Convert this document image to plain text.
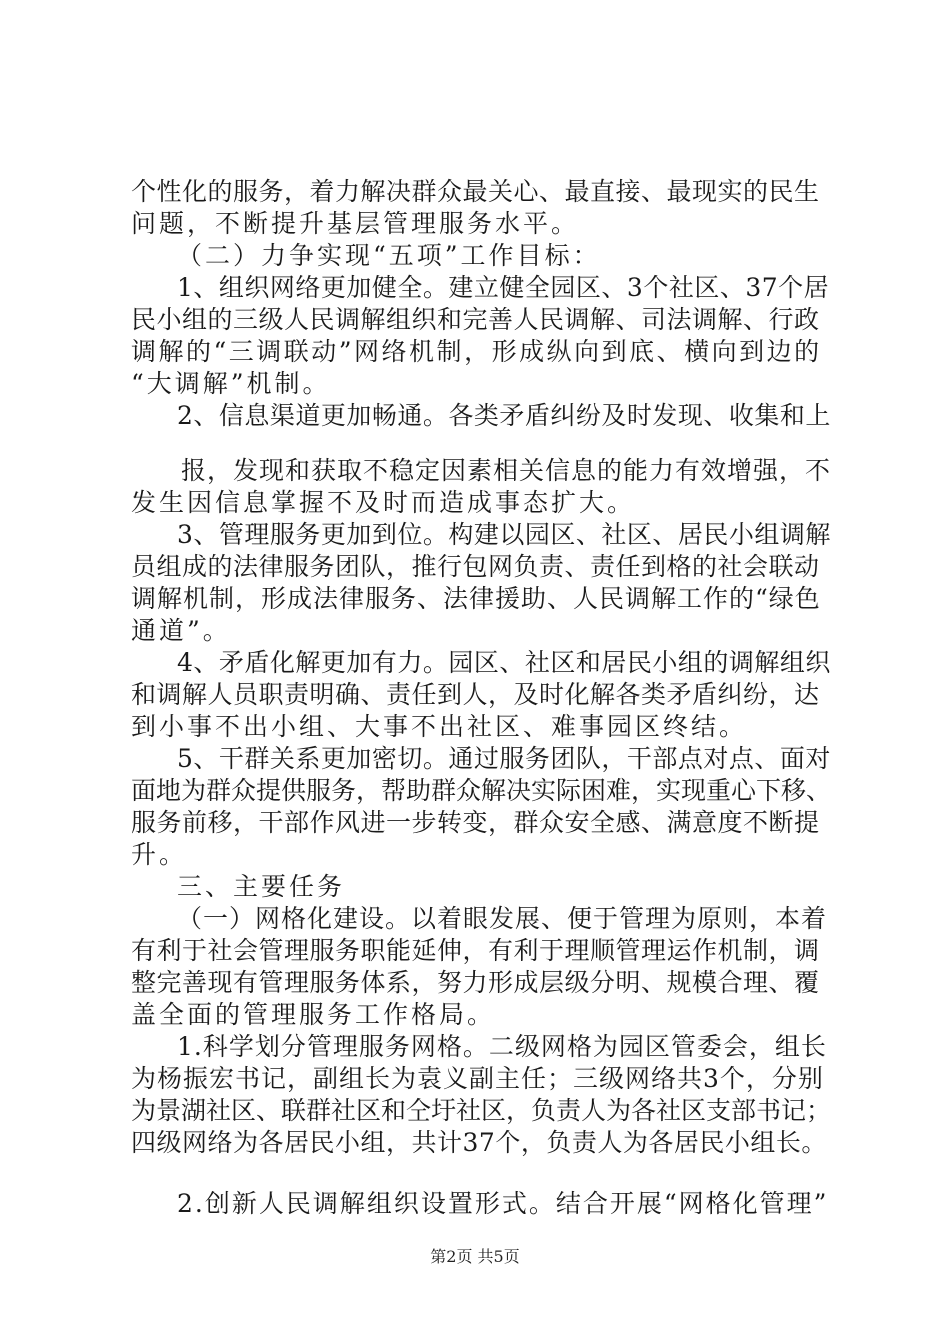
个性化的服务，着力解决群众最关心、最直接、最现实的民生
问题，不断提升基层管理服务水平。
（二）力争实现“五项”工作目标：
1、组织网络更加健全。建立健全园区、3个社区、37个居
民小组的三级人民调解组织和完善人民调解、司法调解、行政
调解的“三调联动”网络机制，形成纵向到底、横向到边的
“大调解”机制。
2、信息渠道更加畅通。各类矛盾纠纷及时发现、收集和上
报，发现和获取不稳定因素相关信息的能力有效增强，不
发生因信息掌握不及时而造成事态扩大。
3、管理服务更加到位。构建以园区、社区、居民小组调解
员组成的法律服务团队，推行包网负责、责任到格的社会联动
调解机制，形成法律服务、法律援助、人民调解工作的“绿色
通道”。
4、矛盾化解更加有力。园区、社区和居民小组的调解组织
和调解人员职责明确、责任到人，及时化解各类矛盾纠纷，达
到小事不出小组、大事不出社区、难事园区终结。
5、干群关系更加密切。通过服务团队，干部点对点、面对
面地为群众提供服务，帮助群众解决实际困难，实现重心下移、
服务前移，干部作风进一步转变，群众安全感、满意度不断提
升。
三、主要任务
（一）网格化建设。以着眼发展、便于管理为原则，本着
有利于社会管理服务职能延伸，有利于理顺管理运作机制，调
整完善现有管理服务体系，努力形成层级分明、规模合理、覆
盖全面的管理服务工作格局。
1.科学划分管理服务网格。二级网格为园区管委会，组长
为杨振宏书记，副组长为袁义副主任；三级网络共3个，分别
为景湖社区、联群社区和仝圩社区，负责人为各社区支部书记；
四级网络为各居民小组，共计37个，负责人为各居民小组长。
2.创新人民调解组织设置形式。结合开展“网格化管理”
第2页 共5页
